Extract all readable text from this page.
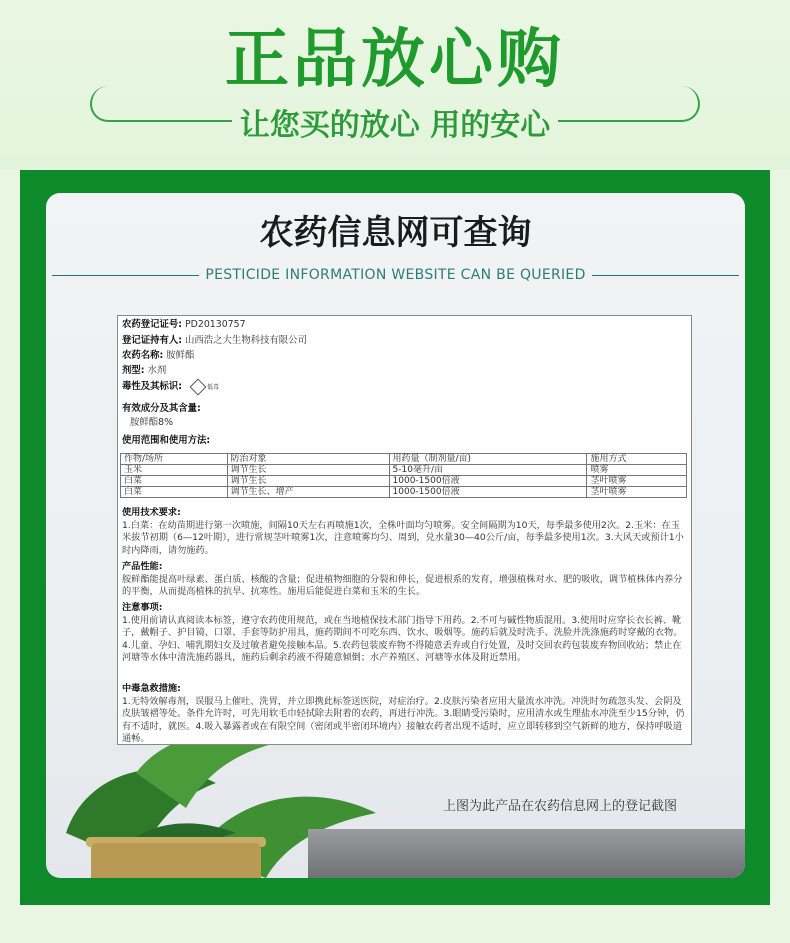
正品放心购
让您买的放心 用的安心
农药信息网可查询
PESTICIDE INFORMATION WEBSITE CAN BE QUERIED
农药登记证号: PD20130757
登记证持有人: 山西浩之大生物科技有限公司
农药名称: 胺鲜酯
剂型: 水剂
毒性及其标识:	低毒
有效成分及其含量:
胺鲜酯8%
使用范围和使用方法:
作物/场所	防治对象	用药量（制剂量/亩)	施用方式
玉米	调节生长	5-10毫升/亩	喷雾
白菜	调节生长	1000-1500倍液	茎叶喷雾
白菜	调节生长、增产	1000-1500倍液	茎叶喷雾
使用技术要求:
1.白菜：在幼苗期进行第一次喷施，间隔10天左右再喷施1次，全株叶面均匀喷雾。安全间隔期为10天，每季最多使用2次。2.玉米：在玉米拔节初期（6—12叶期），进行常规茎叶喷雾1次，注意喷雾均匀、周到，兑水量30—40公斤/亩，每季最多使用1次。3.大风天或预计1小时内降雨，请勿施药。
产品性能:
胺鲜酯能提高叶绿素、蛋白质、核酸的含量；促进植物细胞的分裂和伸长，促进根系的发育，增强植株对水、肥的吸收，调节植株体内养分的平衡，从而提高植株的抗旱、抗寒性。施用后能促进白菜和玉米的生长。
注意事项:
1.使用前请认真阅读本标签，遵守农药使用规范，或在当地植保技术部门指导下用药。2.不可与碱性物质混用。3.使用时应穿长衣长裤、靴子，戴帽子、护目镜、口罩、手套等防护用具，施药期间不可吃东西、饮水、吸烟等。施药后就及时洗手、洗脸并洗涤施药时穿戴的衣物。4.儿童、孕妇、哺乳期妇女及过敏者避免接触本品。5.农药包装废弃物不得随意丢弃或自行处置，及时交回农药包装废弃物回收站；禁止在河塘等水体中清洗施药器具，施药后剩余药液不得随意倾倒；水产养殖区、河塘等水体及附近禁用。
中毒急救措施:
1.无特效解毒剂，误服马上催吐、洗胃，并立即携此标签送医院，对症治疗。2.皮肤污染者应用大量流水冲洗。冲洗时勿疏忽头发、会阴及皮肤皱褶等处。条件允许时，可先用软毛巾轻拭除去附着的农药，再进行冲洗。3.眼睛受污染时，应用清水或生理盐水冲洗至少15分钟，仍有不适时，就医。4.吸入暴露者或在有限空间（密闭或半密闭环境内）接触农药者出现不适时，应立即转移到空气新鲜的地方，保持呼吸道通畅。
上图为此产品在农药信息网上的登记截图
